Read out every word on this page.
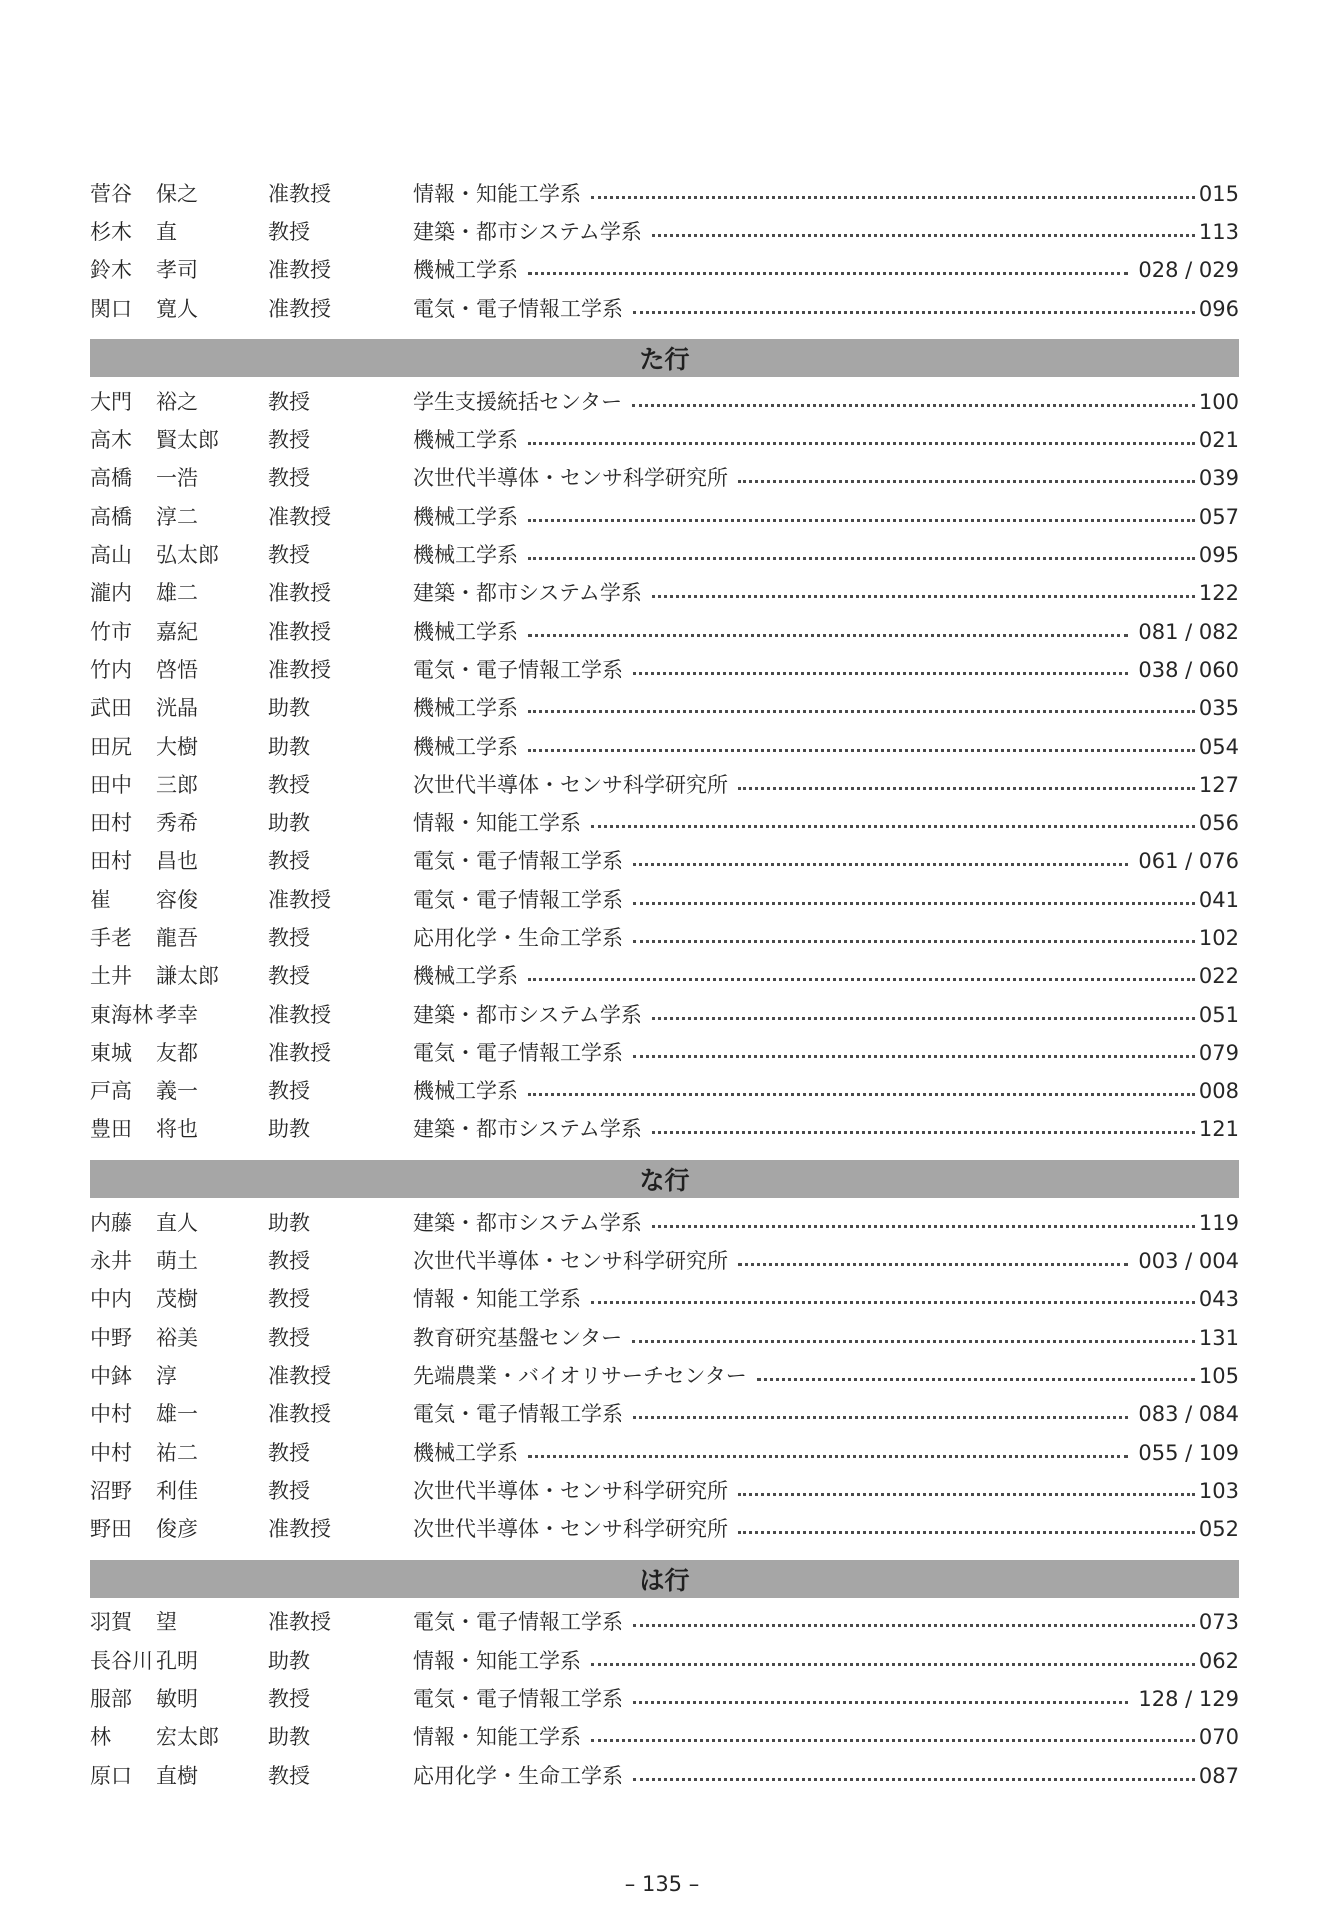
菅谷	保之	准教授	情報・知能工学系	015
杉木	直	教授	建築・都市システム学系	113
鈴木	孝司	准教授	機械工学系	028 / 029
関口	寛人	准教授	電気・電子情報工学系	096
た行
大門	裕之	教授	学生支援統括センター	100
高木	賢太郎	教授	機械工学系	021
高橋	一浩	教授	次世代半導体・センサ科学研究所	039
高橋	淳二	准教授	機械工学系	057
高山	弘太郎	教授	機械工学系	095
瀧内	雄二	准教授	建築・都市システム学系	122
竹市	嘉紀	准教授	機械工学系	081 / 082
竹内	啓悟	准教授	電気・電子情報工学系	038 / 060
武田	洸晶	助教	機械工学系	035
田尻	大樹	助教	機械工学系	054
田中	三郎	教授	次世代半導体・センサ科学研究所	127
田村	秀希	助教	情報・知能工学系	056
田村	昌也	教授	電気・電子情報工学系	061 / 076
崔	容俊	准教授	電気・電子情報工学系	041
手老	龍吾	教授	応用化学・生命工学系	102
土井	謙太郎	教授	機械工学系	022
東海林 孝幸	准教授	建築・都市システム学系	051
東城	友都	准教授	電気・電子情報工学系	079
戸高	義一	教授	機械工学系	008
豊田	将也	助教	建築・都市システム学系	121
な行
内藤	直人	助教	建築・都市システム学系	119
永井	萌土	教授	次世代半導体・センサ科学研究所	003 / 004
中内	茂樹	教授	情報・知能工学系	043
中野	裕美	教授	教育研究基盤センター	131
中鉢	淳	准教授	先端農業・バイオリサーチセンター	105
中村	雄一	准教授	電気・電子情報工学系	083 / 084
中村	祐二	教授	機械工学系	055 / 109
沼野	利佳	教授	次世代半導体・センサ科学研究所	103
野田	俊彦	准教授	次世代半導体・センサ科学研究所	052
は行
羽賀	望	准教授	電気・電子情報工学系	073
長谷川 孔明	助教	情報・知能工学系	062
服部	敏明	教授	電気・電子情報工学系	128 / 129
林	宏太郎	助教	情報・知能工学系	070
原口	直樹	教授	応用化学・生命工学系	087
– 135 –
